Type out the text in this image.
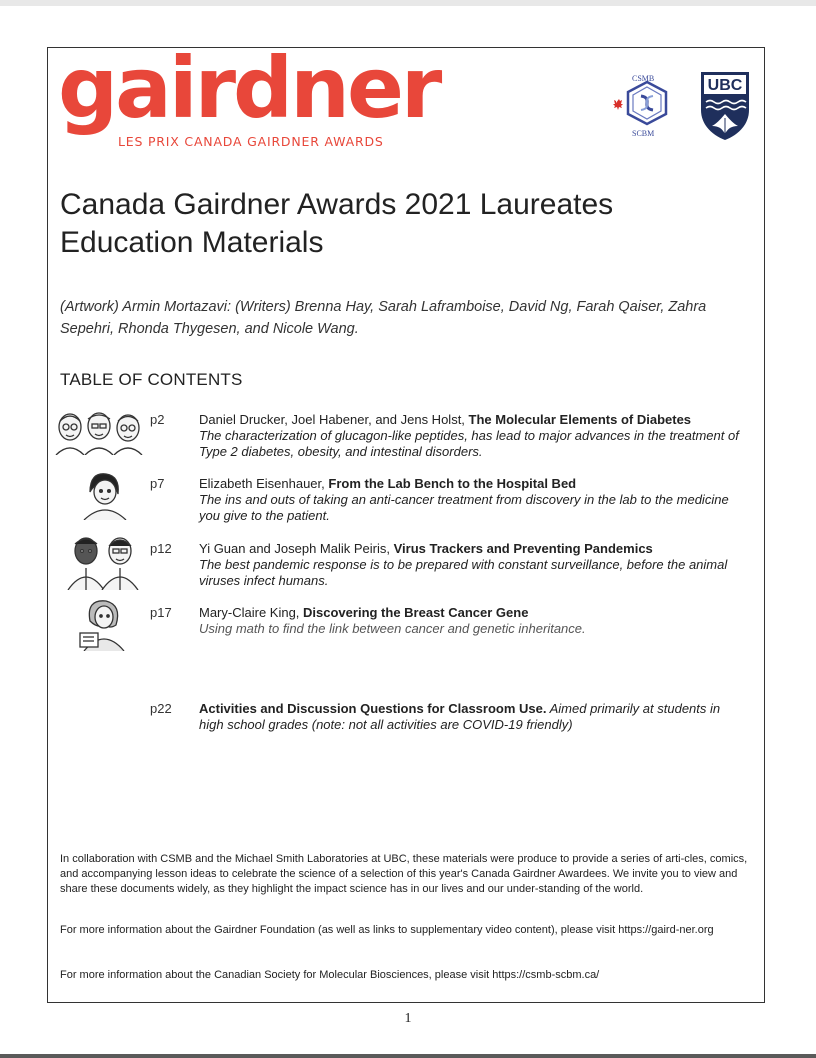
gairdner
LES PRIX CANADA GAIRDNER AWARDS
CSMB
SCBM
UBC
Canada Gairdner Awards 2021 Laureates
Education Materials
(Artwork) Armin Mortazavi: (Writers) Brenna Hay, Sarah Laframboise, David Ng, Farah Qaiser, Zahra Sepehri, Rhonda Thygesen, and Nicole Wang.
TABLE OF CONTENTS
p2	Daniel Drucker, Joel Habener, and Jens Holst, The Molecular Elements of Diabetes
The characterization of glucagon-like peptides, has lead to major advances in the treatment of Type 2 diabetes, obesity, and intestinal disorders.
p7	Elizabeth Eisenhauer, From the Lab Bench to the Hospital Bed
The ins and outs of taking an anti-cancer treatment from discovery in the lab to the medicine you give to the patient.
p12 Yi Guan and Joseph Malik Peiris, Virus Trackers and Preventing Pandemics
The best pandemic response is to be prepared with constant surveillance, before the animal viruses infect humans.
p17 Mary-Claire King, Discovering the Breast Cancer Gene
Using math to find the link between cancer and genetic inheritance.
p22 Activities and Discussion Questions for Classroom Use. Aimed primarily at students in high school grades (note: not all activities are COVID-19 friendly)
In collaboration with CSMB and the Michael Smith Laboratories at UBC, these materials were produce to provide a series of arti-cles, comics, and accompanying lesson ideas to celebrate the science of a selection of this year's Canada Gairdner Awardees. We invite you to view and share these documents widely, as they highlight the impact science has in our lives and our under-standing of the world.
For more information about the Gairdner Foundation (as well as links to supplementary video content), please visit https://gaird-ner.org
For more information about the Canadian Society for Molecular Biosciences, please visit https://csmb-scbm.ca/
1
